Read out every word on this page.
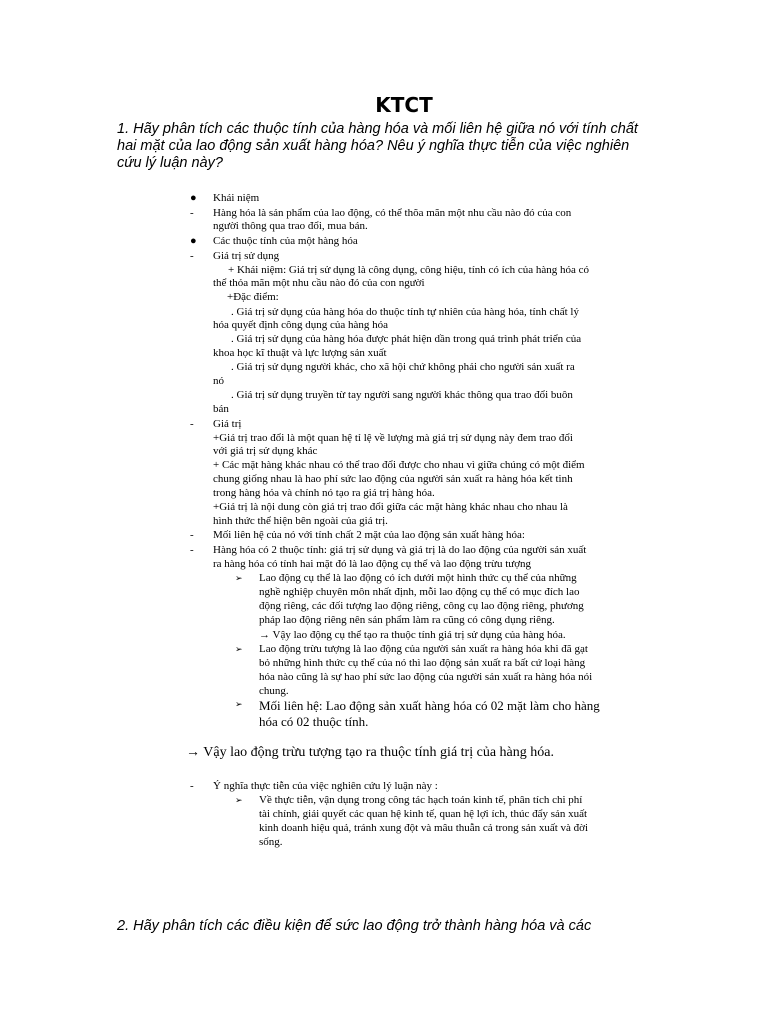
KTCT
1. Hãy phân tích các thuộc tính của hàng hóa và mối liên hệ giữa nó với tính chất hai mặt của lao động sản xuất hàng hóa? Nêu ý nghĩa thực tiễn của việc nghiên cứu lý luận này?
● Khái niệm
- Hàng hóa là sản phẩm của lao động, có thể thõa mãn một nhu cầu nào đó của con
người thông qua trao đổi, mua bán.
● Các thuộc tính của một hàng hóa
- Giá trị sử dụng
+ Khái niệm: Giá trị sử dụng là công dụng, công hiệu, tính có ích của hàng hóa có
thể thỏa mãn một nhu cầu nào đó của con người
+Đặc điểm:
. Giá trị sử dụng của hàng hóa do thuộc tính tự nhiên của hàng hóa, tính chất lý
hóa quyết định công dụng của hàng hóa
. Giá trị sử dụng của hàng hóa được phát hiện dần trong quá trình phát triển của
khoa học kĩ thuật và lực lượng sản xuất
. Giá trị sử dụng người khác, cho xã hội chứ không phải cho người sản xuất ra
nó
. Giá trị sử dụng truyền từ tay người sang người khác thông qua trao đổi buôn
bán
- Giá trị
+Giá trị trao đổi là một quan hệ tỉ lệ về lượng mà giá trị sử dụng này đem trao đổi
với giá trị sử dụng khác
+ Các mặt hàng khác nhau có thể trao đổi được cho nhau vì giữa chúng có một điểm
chung giống nhau là hao phí sức lao động của người sản xuất ra hàng hóa kết tinh
trong hàng hóa và chính nó tạo ra giá trị hàng hóa.
+Giá trị là nội dung còn giá trị trao đổi giữa các mặt hàng khác nhau cho nhau là
hình thức thể hiện bên ngoài của giá trị.
- Mối liên hệ của nó với tính chất 2 mặt của lao động sản xuất hàng hóa:
- Hàng hóa có 2 thuộc tính: giá trị sử dụng và giá trị là do lao động của người sản xuất
ra hàng hóa có tính hai mặt đó là lao động cụ thể và lao động trừu tượng
➢ Lao động cụ thể là lao động có ích dưới một hình thức cụ thể của những
nghề nghiệp chuyên môn nhất định, mỗi lao động cụ thể có mục đích lao
động riêng, các đối tượng lao động riêng, công cụ lao động riêng, phương
pháp lao động riêng nên sản phẩm làm ra cũng có công dụng riêng.
→ Vậy lao động cụ thể tạo ra thuộc tính giá trị sử dụng của hàng hóa.
➢ Lao động trừu tượng là lao động của người sản xuất ra hàng hóa khi đã gạt
bỏ những hình thức cụ thể của nó thì lao động sản xuất ra bất cứ loại hàng
hóa nào cũng là sự hao phí sức lao động của người sản xuất ra hàng hóa nói
chung.
➢ Mối liên hệ: Lao động sản xuất hàng hóa có 02 mặt làm cho hàng
hóa có 02 thuộc tính.
→ Vậy lao động trừu tượng tạo ra thuộc tính giá trị của hàng hóa.
- Ý nghĩa thực tiễn của việc nghiên cứu lý luận này :
➢ Về thực tiễn, vận dụng trong công tác hạch toán kinh tế, phân tích chi phí
tài chính, giải quyết các quan hệ kinh tế, quan hệ lợi ích, thúc đẩy sản xuất
kinh doanh hiệu quả, tránh xung đột và mâu thuẫn cả trong sản xuất và đời
sống.
2. Hãy phân tích các điều kiện để sức lao động trở thành hàng hóa và các
